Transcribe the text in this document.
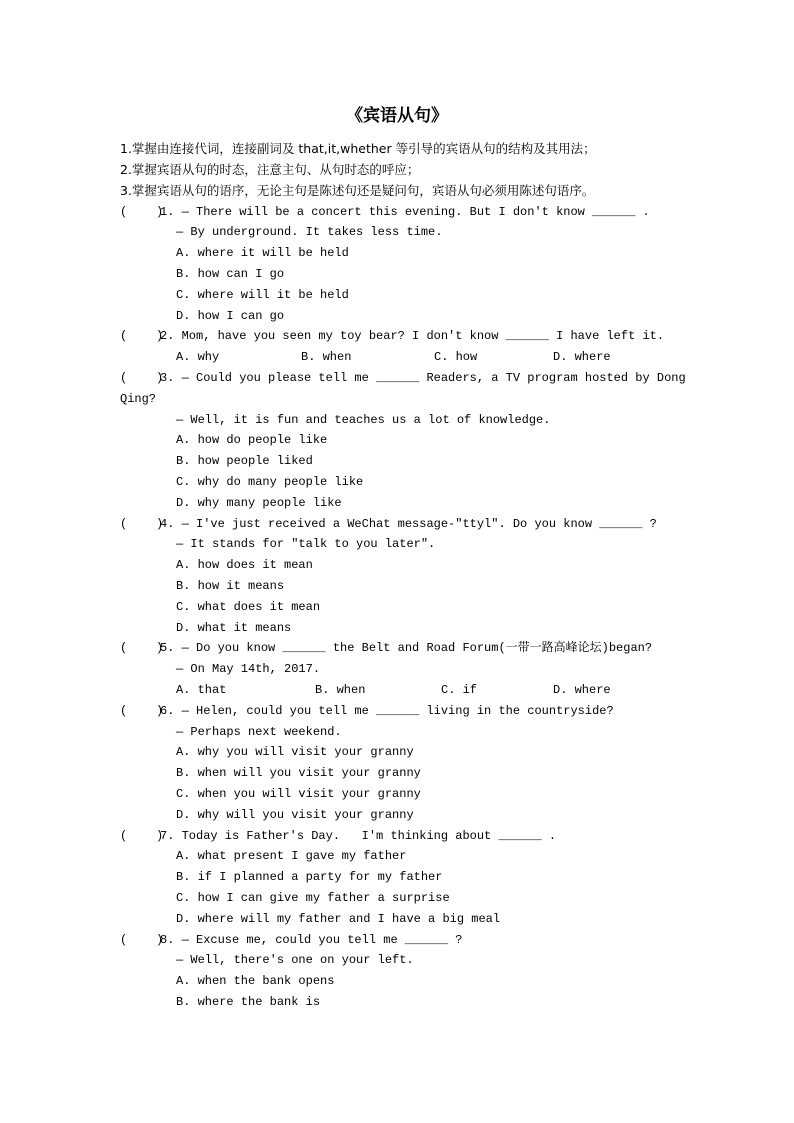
《宾语从句》
1.掌握由连接代词，连接副词及 that,it,whether 等引导的宾语从句的结构及其用法；
2.掌握宾语从句的时态，注意主句、从句时态的呼应；
3.掌握宾语从句的语序，无论主句是陈述句还是疑问句，宾语从句必须用陈述句语序。
(    )
1. — There will be a concert this evening. But I don't know ______ .
— By underground. It takes less time.
A. where it will be held
B. how can I go
C. where will it be held
D. how I can go
(    )
2. Mom, have you seen my toy bear? I don't know ______ I have left it.
A. why	B. when	C. how	D. where
(    )
3. — Could you please tell me ______ Readers, a TV program hosted by Dong
Qing?
— Well, it is fun and teaches us a lot of knowledge.
A. how do people like
B. how people liked
C. why do many people like
D. why many people like
(    )
4. — I've just received a WeChat message-"ttyl". Do you know ______ ?
— It stands for "talk to you later".
A. how does it mean
B. how it means
C. what does it mean
D. what it means
(    )
5. — Do you know ______ the Belt and Road Forum(一带一路高峰论坛)began?
— On May 14th, 2017.
A. that	B. when	C. if	D. where
(    )
6. — Helen, could you tell me ______ living in the countryside?
— Perhaps next weekend.
A. why you will visit your granny
B. when will you visit your granny
C. when you will visit your granny
D. why will you visit your granny
(    )
7. Today is Father's Day.   I'm thinking about ______ .
A. what present I gave my father
B. if I planned a party for my father
C. how I can give my father a surprise
D. where will my father and I have a big meal
(    )
8. — Excuse me, could you tell me ______ ?
— Well, there's one on your left.
A. when the bank opens
B. where the bank is
